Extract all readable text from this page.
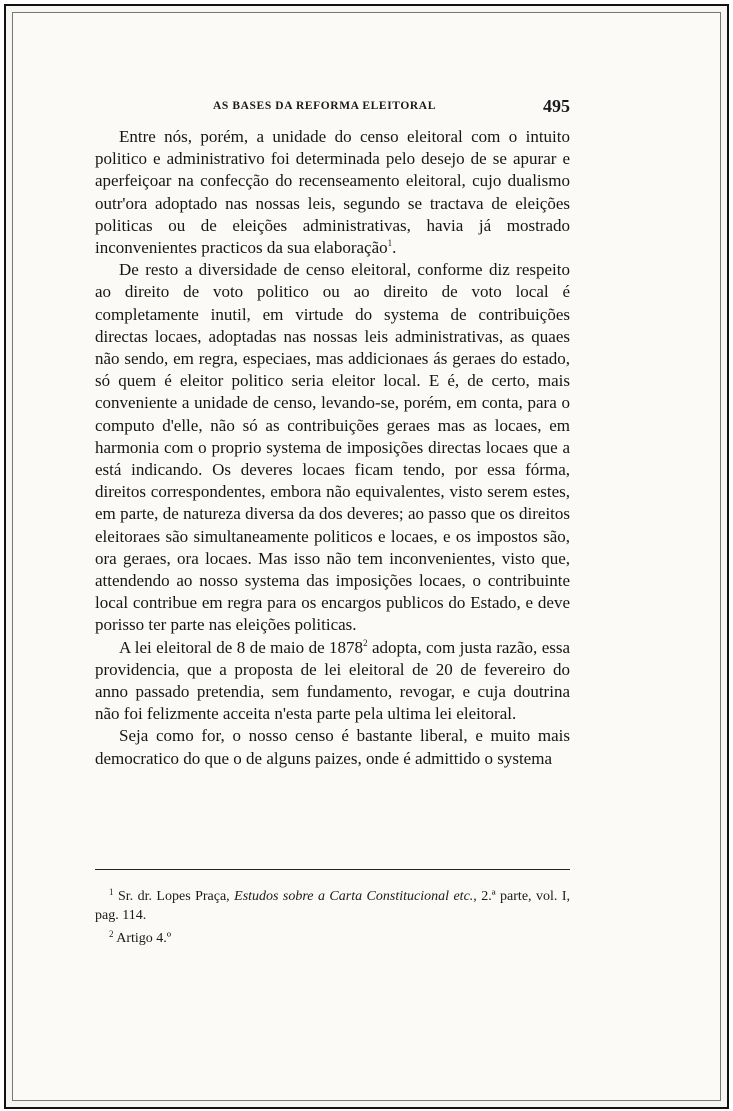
AS BASES DA REFORMA ELEITORAL	495

Entre nós, porém, a unidade do censo eleitoral com o intuito politico e administrativo foi determinada pelo desejo de se apurar e aperfeiçoar na confecção do recenseamento eleitoral, cujo dualismo outr'ora adoptado nas nossas leis, segundo se tractava de eleições politicas ou de eleições administrativas, havia já mostrado inconvenientes practicos da sua elaboração$^1$.

De resto a diversidade de censo eleitoral, conforme diz respeito ao direito de voto politico ou ao direito de voto local é completamente inutil, em virtude do systema de contribuições directas locaes, adoptadas nas nossas leis administrativas, as quaes não sendo, em regra, especiaes, mas addicionaes ás geraes do estado, só quem é eleitor politico seria eleitor local. E é, de certo, mais conveniente a unidade de censo, levando-se, porém, em conta, para o computo d'elle, não só as contribuições geraes mas as locaes, em harmonia com o proprio systema de imposições directas locaes que a está indicando. Os deveres locaes ficam tendo, por essa fórma, direitos correspondentes, embora não equivalentes, visto serem estes, em parte, de natureza diversa da dos deveres; ao passo que os direitos eleitoraes são simultaneamente politicos e locaes, e os impostos são, ora geraes, ora locaes. Mas isso não tem inconvenientes, visto que, attendendo ao nosso systema das imposições locaes, o contribuinte local contribue em regra para os encargos publicos do Estado, e deve porisso ter parte nas eleições politicas.

A lei eleitoral de 8 de maio de 1878$^2$ adopta, com justa razão, essa providencia, que a proposta de lei eleitoral de 20 de fevereiro do anno passado pretendia, sem fundamento, revogar, e cuja doutrina não foi felizmente acceita n'esta parte pela ultima lei eleitoral.

Seja como for, o nosso censo é bastante liberal, e muito mais democratico do que o de alguns paizes, onde é admittido o systema

$^1$ Sr. dr. Lopes Praça, Estudos sobre a Carta Constitucional etc., 2.ª parte, vol. I, pag. 114.

$^2$ Artigo 4.º
